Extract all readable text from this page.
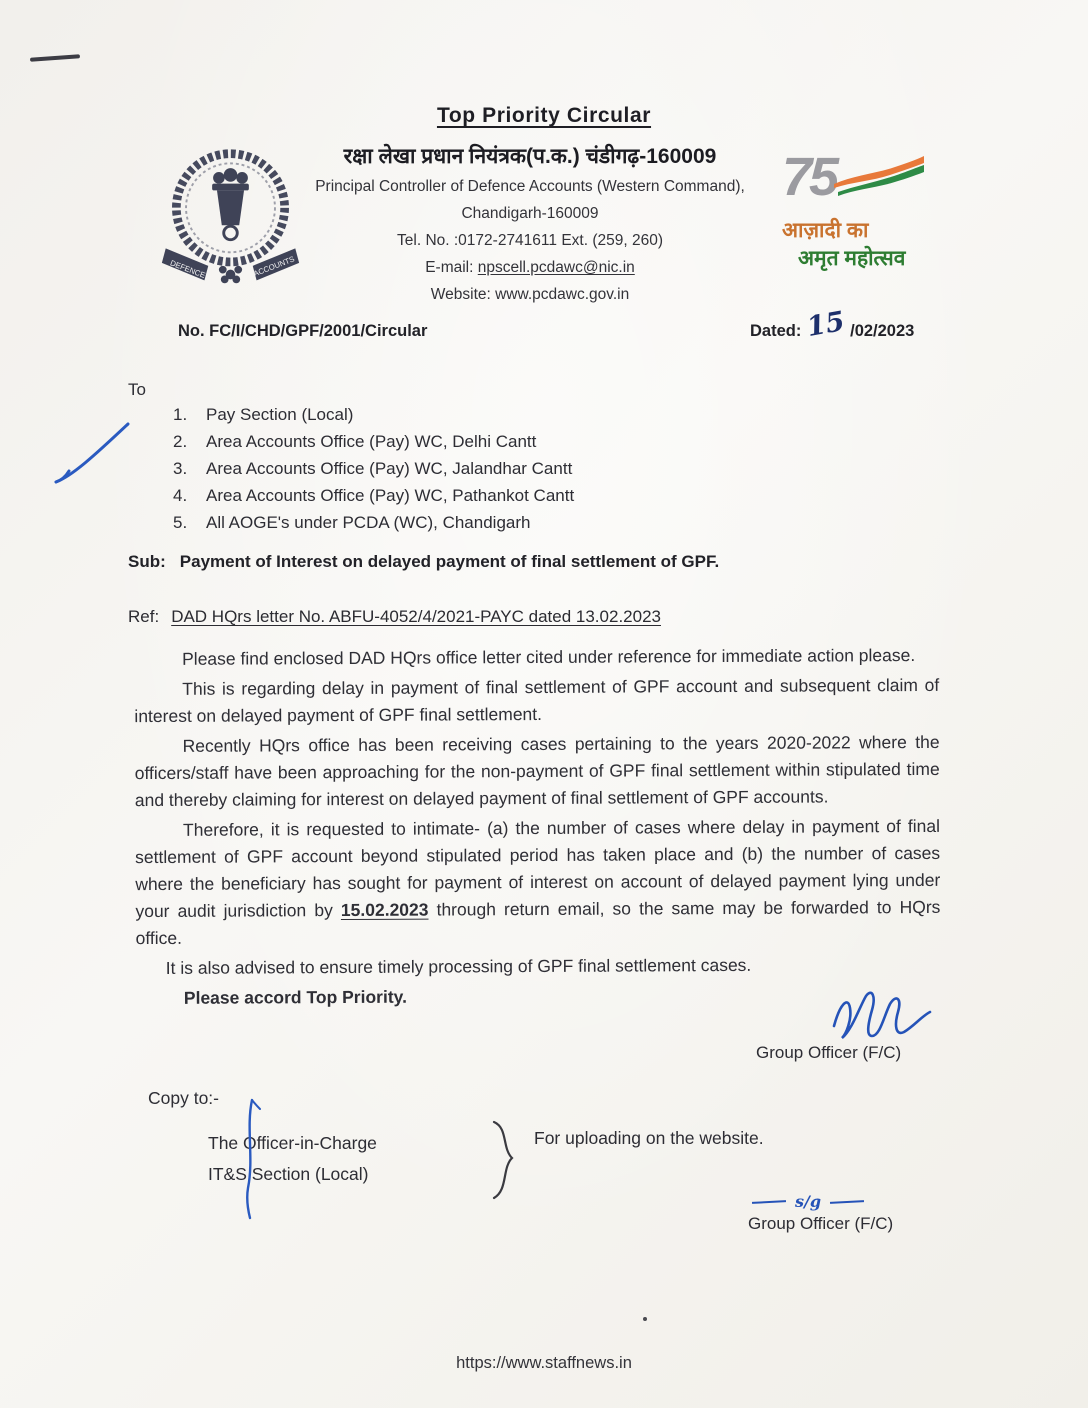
Top Priority Circular
DEFENCE	ACCOUNTS
रक्षा लेखा प्रधान नियंत्रक(प.क.) चंडीगढ़-160009
Principal Controller of Defence Accounts (Western Command),
Chandigarh-160009
Tel. No. :0172-2741611 Ext. (259, 260)
E-mail: npscell.pcdawc@nic.in
Website: www.pcdawc.gov.in
75
आज़ादी का
अमृत महोत्सव
No. FC/I/CHD/GPF/2001/Circular	Dated: 15 /02/2023
To
1.	Pay Section (Local)
2.	Area Accounts Office (Pay) WC, Delhi Cantt
3.	Area Accounts Office (Pay) WC, Jalandhar Cantt
4.	Area Accounts Office (Pay) WC, Pathankot Cantt
5.	All AOGE's under PCDA (WC), Chandigarh
Sub: Payment of Interest on delayed payment of final settlement of GPF.
Ref: DAD HQrs letter No. ABFU-4052/4/2021-PAYC dated 13.02.2023

Please find enclosed DAD HQrs office letter cited under reference for immediate action please.

This is regarding delay in payment of final settlement of GPF account and subsequent claim of interest on delayed payment of GPF final settlement.

Recently HQrs office has been receiving cases pertaining to the years 2020-2022 where the officers/staff have been approaching for the non-payment of GPF final settlement within stipulated time and thereby claiming for interest on delayed payment of final settlement of GPF accounts.

Therefore, it is requested to intimate- (a) the number of cases where delay in payment of final settlement of GPF account beyond stipulated period has taken place and (b) the number of cases where the beneficiary has sought for payment of interest on account of delayed payment lying under your audit jurisdiction by 15.02.2023 through return email, so the same may be forwarded to HQrs office.

It is also advised to ensure timely processing of GPF final settlement cases.

Please accord Top Priority.

Group Officer (F/C)
Copy to:-
The Officer-in-Charge
IT&S Section (Local)
For uploading on the website.
s/g
Group Officer (F/C)
https://www.staffnews.in
